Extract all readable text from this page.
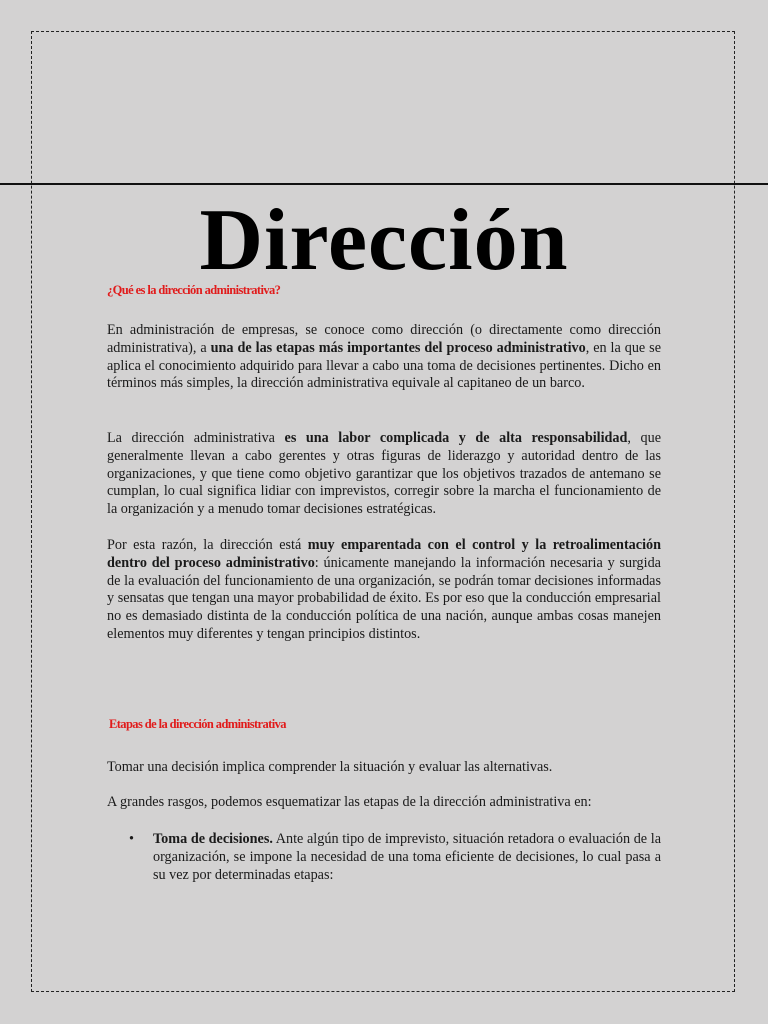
Dirección
¿Qué es la dirección administrativa?

En administración de empresas, se conoce como dirección (o directamente como dirección administrativa), a una de las etapas más importantes del proceso administrativo, en la que se aplica el conocimiento adquirido para llevar a cabo una toma de decisiones pertinentes. Dicho en términos más simples, la dirección administrativa equivale al capitaneo de un barco.

La dirección administrativa es una labor complicada y de alta responsabilidad, que generalmente llevan a cabo gerentes y otras figuras de liderazgo y autoridad dentro de las organizaciones, y que tiene como objetivo garantizar que los objetivos trazados de antemano se cumplan, lo cual significa lidiar con imprevistos, corregir sobre la marcha el funcionamiento de la organización y a menudo tomar decisiones estratégicas.

Por esta razón, la dirección está muy emparentada con el control y la retroalimentación dentro del proceso administrativo: únicamente manejando la información necesaria y surgida de la evaluación del funcionamiento de una organización, se podrán tomar decisiones informadas y sensatas que tengan una mayor probabilidad de éxito. Es por eso que la conducción empresarial no es demasiado distinta de la conducción política de una nación, aunque ambas cosas manejen elementos muy diferentes y tengan principios distintos.

Etapas de la dirección administrativa

Tomar una decisión implica comprender la situación y evaluar las alternativas.

A grandes rasgos, podemos esquematizar las etapas de la dirección administrativa en:

• Toma de decisiones. Ante algún tipo de imprevisto, situación retadora o evaluación de la organización, se impone la necesidad de una toma eficiente de decisiones, lo cual pasa a su vez por determinadas etapas:
